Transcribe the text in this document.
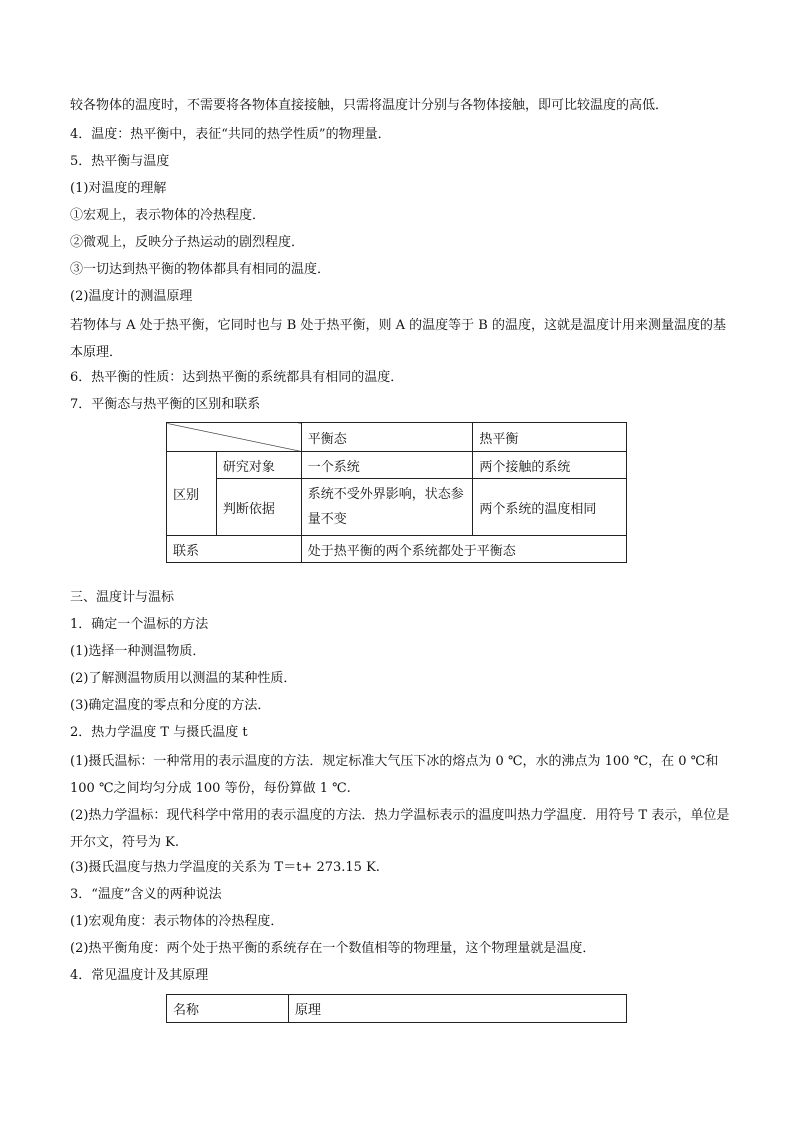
较各物体的温度时，不需要将各物体直接接触，只需将温度计分别与各物体接触，即可比较温度的高低．
4．温度：热平衡中，表征“共同的热学性质”的物理量．
5．热平衡与温度
(1)对温度的理解
①宏观上，表示物体的冷热程度．
②微观上，反映分子热运动的剧烈程度．
③一切达到热平衡的物体都具有相同的温度．
(2)温度计的测温原理
若物体与 A 处于热平衡，它同时也与 B 处于热平衡，则 A 的温度等于 B 的温度，这就是温度计用来测量温度的基本原理．
6．热平衡的性质：达到热平衡的系统都具有相同的温度．
7．平衡态与热平衡的区别和联系
		平衡态	热平衡
区别	研究对象	一个系统	两个接触的系统
	判断依据	系统不受外界影响，状态参量不变	两个系统的温度相同
联系		处于热平衡的两个系统都处于平衡态	
三、温度计与温标
1．确定一个温标的方法
(1)选择一种测温物质．
(2)了解测温物质用以测温的某种性质．
(3)确定温度的零点和分度的方法．
2．热力学温度 T 与摄氏温度 t
(1)摄氏温标：一种常用的表示温度的方法．规定标准大气压下冰的熔点为 0 ℃，水的沸点为 100 ℃，在 0 ℃和 100 ℃之间均匀分成 100 等份，每份算做 1 ℃.
(2)热力学温标：现代科学中常用的表示温度的方法．热力学温标表示的温度叫热力学温度．用符号 T 表示，单位是开尔文，符号为 K.
(3)摄氏温度与热力学温度的关系为 T＝t+ 273.15 K.
3．“温度”含义的两种说法
(1)宏观角度：表示物体的冷热程度．
(2)热平衡角度：两个处于热平衡的系统存在一个数值相等的物理量，这个物理量就是温度．
4．常见温度计及其原理
名称	原理
